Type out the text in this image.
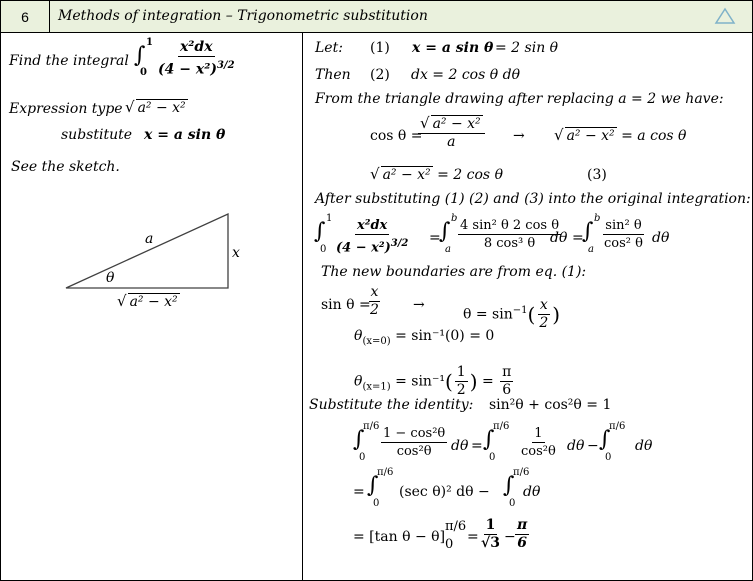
6	Methods of integration – Trigonometric substitution
Find the integral ∫
1
$0 \frac{\text{x²dx}}{(4 - x^2)^{3/2}}$
Expression type √ a² − x²
substitute x = a sin θ
See the sketch.
a
x
θ
√ a² − x²
Let: (1) x = a sin θ = 2 sin θ
Then (2) dx = 2 cos θ dθ
From the triangle drawing after replacing a = 2 we have:
cos θ =
$\frac{\text{√ a² − x²}}{a}$ → √ a² − x² = a cos θ
√ a² − x² = 2 cos θ	(3)
After substituting (1) (2) and (3) into the original integration:
∫
1
$0 \frac{\text{x²dx}}{(4 - x^2)^{3/2}}$ =
∫
b
a $\frac{\text{4 sin² θ 2 cos θ}}{\text{8 cos³ θ}}$
dθ =
∫
b
a $\frac{\text{sin² θ}}{\text{cos² θ}}$ dθ
The new boundaries are from eq. (1):
sin θ =
$\frac{x}{2}$ →
$\theta = \sin^{-1}( \frac{x}{2}$ )
$\theta_{(x=0)} = \sin^{-1}(0) = 0$
$\theta_{(x=1)} = \sin^{-1}( \frac{1}{2}$ ) = $\frac{\pi}{6}$
Substitute the identity: sin²θ + cos²θ = 1
∫
π/6
$0 \frac{\text{1 − cos²θ}}{\text{cos²θ}}$ dθ = ∫
π/6
$0 \frac{1}{\text{cos²θ}}$ dθ − ∫
π/6
0
dθ
= ∫
π/6
0
(sec θ)² dθ − ∫
π/6
0
dθ
= [tan θ − θ]
π/6
$0 = \frac{1}{√3} - \frac{\pi}{6}$
